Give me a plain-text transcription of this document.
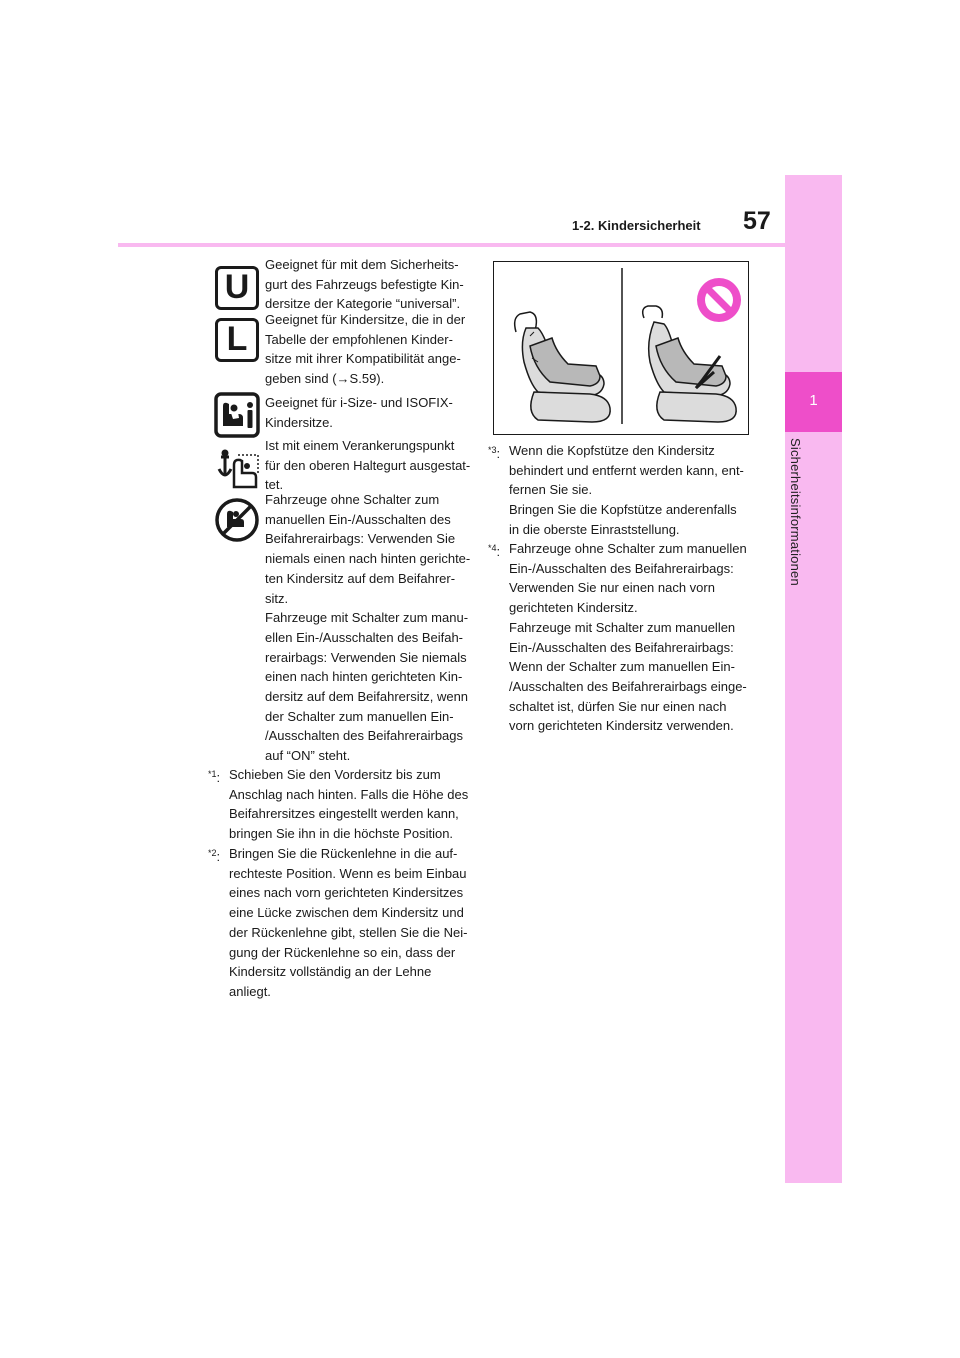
1
Sicherheitsinformationen
1-2. Kindersicherheit 57
U
L

Geeignet für mit dem Sicherheits-
gurt des Fahrzeugs befestigte Kin-
dersitze der Kategorie “universal”.

Geeignet für Kindersitze, die in der
Tabelle der empfohlenen Kinder-
sitze mit ihrer Kompatibilität ange-
geben sind (→S.59).

Geeignet für i-Size- und ISOFIX-
Kindersitze.

Ist mit einem Verankerungspunkt
für den oberen Haltegurt ausgestat-
tet.

Fahrzeuge ohne Schalter zum
manuellen Ein-/Ausschalten des
Beifahrerairbags: Verwenden Sie
niemals einen nach hinten gerichte-
ten Kindersitz auf dem Beifahrer-
sitz.
Fahrzeuge mit Schalter zum manu-
ellen Ein-/Ausschalten des Beifah-
rerairbags: Verwenden Sie niemals
einen nach hinten gerichteten Kin-
dersitz auf dem Beifahrersitz, wenn
der Schalter zum manuellen Ein-
/Ausschalten des Beifahrerairbags
auf “ON” steht.

$^{*1}$: Schieben Sie den Vordersitz bis zum
Anschlag nach hinten. Falls die Höhe des
Beifahrersitzes eingestellt werden kann,
bringen Sie ihn in die höchste Position.

$^{*2}$: Bringen Sie die Rückenlehne in die auf-
rechteste Position. Wenn es beim Einbau
eines nach vorn gerichteten Kindersitzes
eine Lücke zwischen dem Kindersitz und
der Rückenlehne gibt, stellen Sie die Nei-
gung der Rückenlehne so ein, dass der
Kindersitz vollständig an der Lehne
anliegt.

$^{*3}$: Wenn die Kopfstütze den Kindersitz
behindert und entfernt werden kann, ent-
fernen Sie sie.
Bringen Sie die Kopfstütze anderenfalls
in die oberste Einraststellung.

$^{*4}$: Fahrzeuge ohne Schalter zum manuellen
Ein-/Ausschalten des Beifahrerairbags:
Verwenden Sie nur einen nach vorn
gerichteten Kindersitz.
Fahrzeuge mit Schalter zum manuellen
Ein-/Ausschalten des Beifahrerairbags:
Wenn der Schalter zum manuellen Ein-
/Ausschalten des Beifahrerairbags einge-
schaltet ist, dürfen Sie nur einen nach
vorn gerichteten Kindersitz verwenden.
